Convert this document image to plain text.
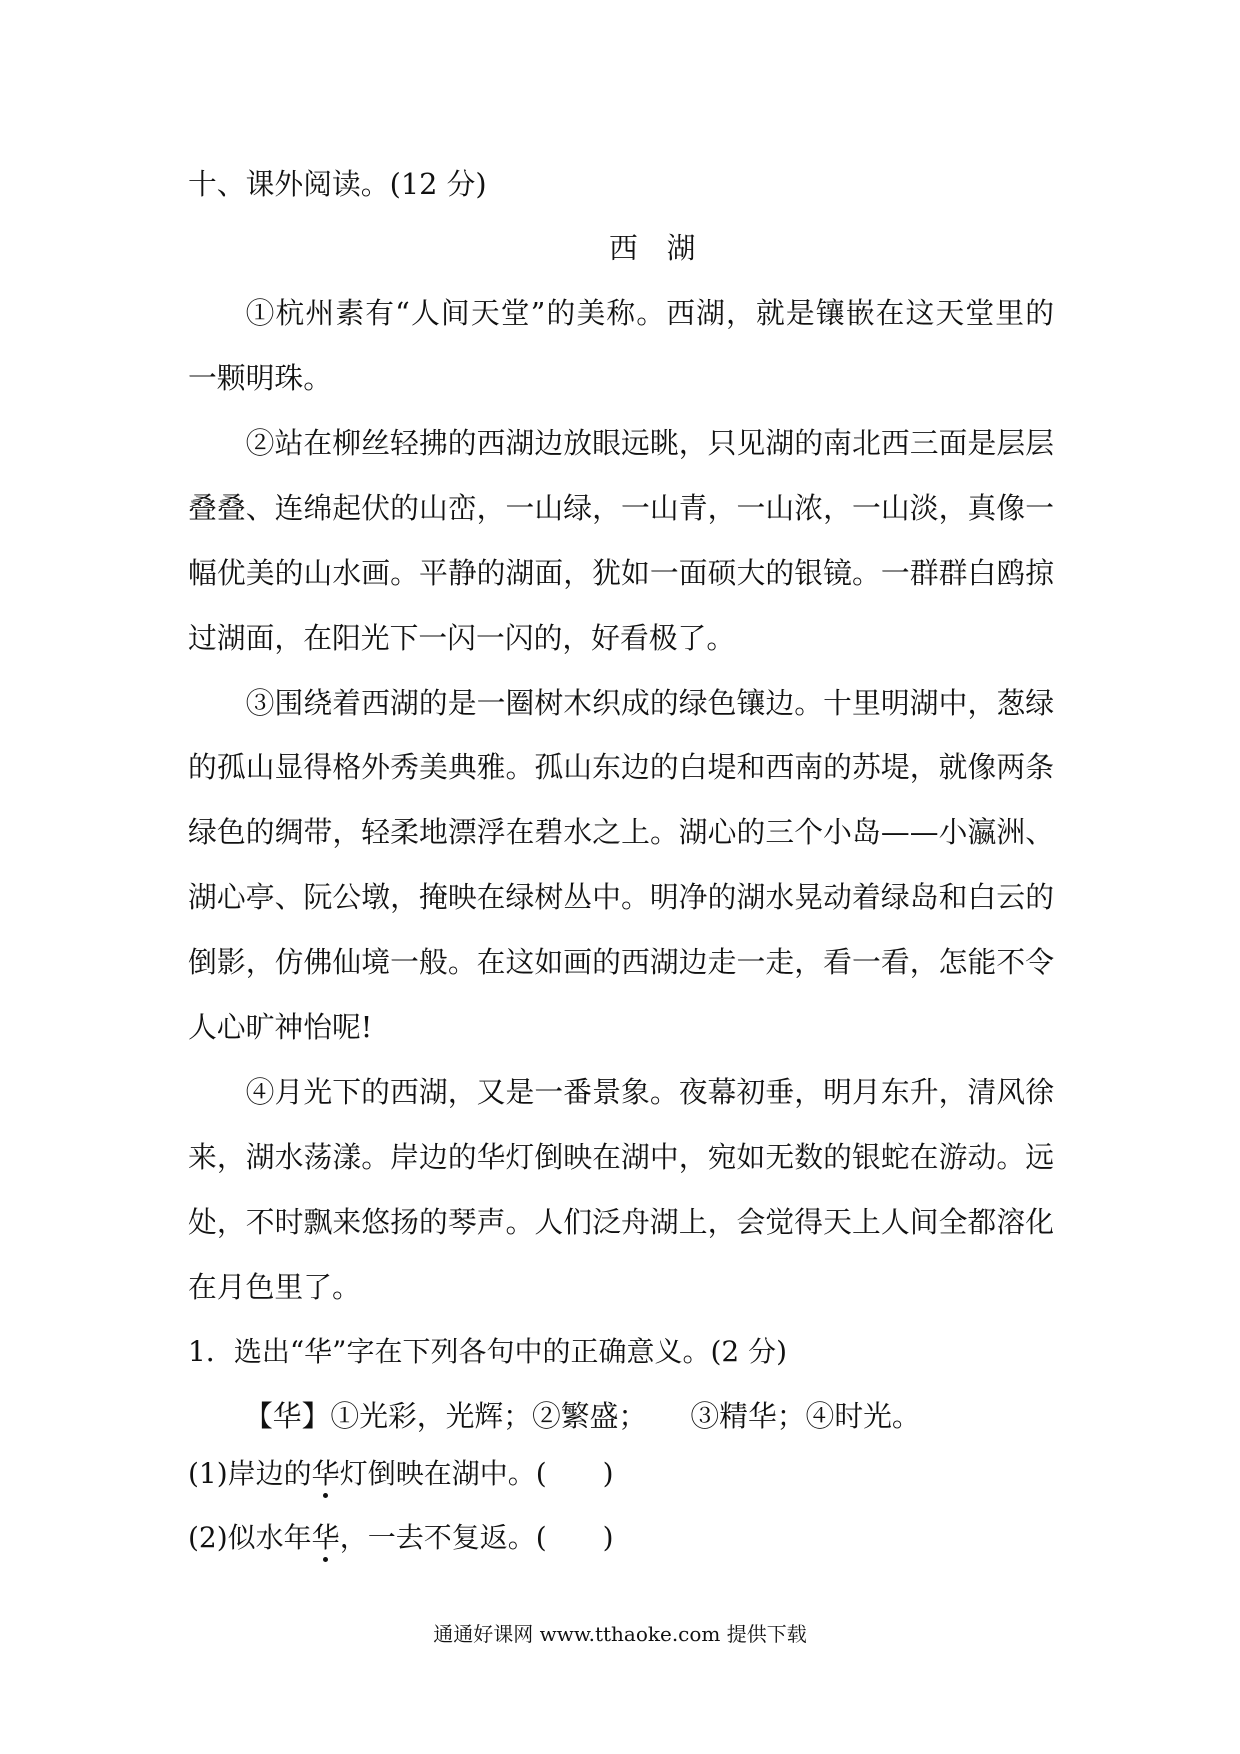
十、课外阅读。(12 分)
西　湖
①杭州素有“人间天堂”的美称。西湖，就是镶嵌在这天堂里的
一颗明珠。
②站在柳丝轻拂的西湖边放眼远眺，只见湖的南北西三面是层层
叠叠、连绵起伏的山峦，一山绿，一山青，一山浓，一山淡，真像一
幅优美的山水画。平静的湖面，犹如一面硕大的银镜。一群群白鸥掠
过湖面，在阳光下一闪一闪的，好看极了。
③围绕着西湖的是一圈树木织成的绿色镶边。十里明湖中，葱绿
的孤山显得格外秀美典雅。孤山东边的白堤和西南的苏堤，就像两条
绿色的绸带，轻柔地漂浮在碧水之上。湖心的三个小岛——小瀛洲、
湖心亭、阮公墩，掩映在绿树丛中。明净的湖水晃动着绿岛和白云的
倒影，仿佛仙境一般。在这如画的西湖边走一走，看一看，怎能不令
人心旷神怡呢!
④月光下的西湖，又是一番景象。夜幕初垂，明月东升，清风徐
来，湖水荡漾。岸边的华灯倒映在湖中，宛如无数的银蛇在游动。远
处，不时飘来悠扬的琴声。人们泛舟湖上，会觉得天上人间全都溶化
在月色里了。
1．选出“华”字在下列各句中的正确意义。(2 分)
【华】①光彩，光辉；②繁盛；　　③精华；④时光。
(1)岸边的华灯倒映在湖中。(　　)
(2)似水年华，一去不复返。(　　)
通通好课网 www.tthaoke.com 提供下载
